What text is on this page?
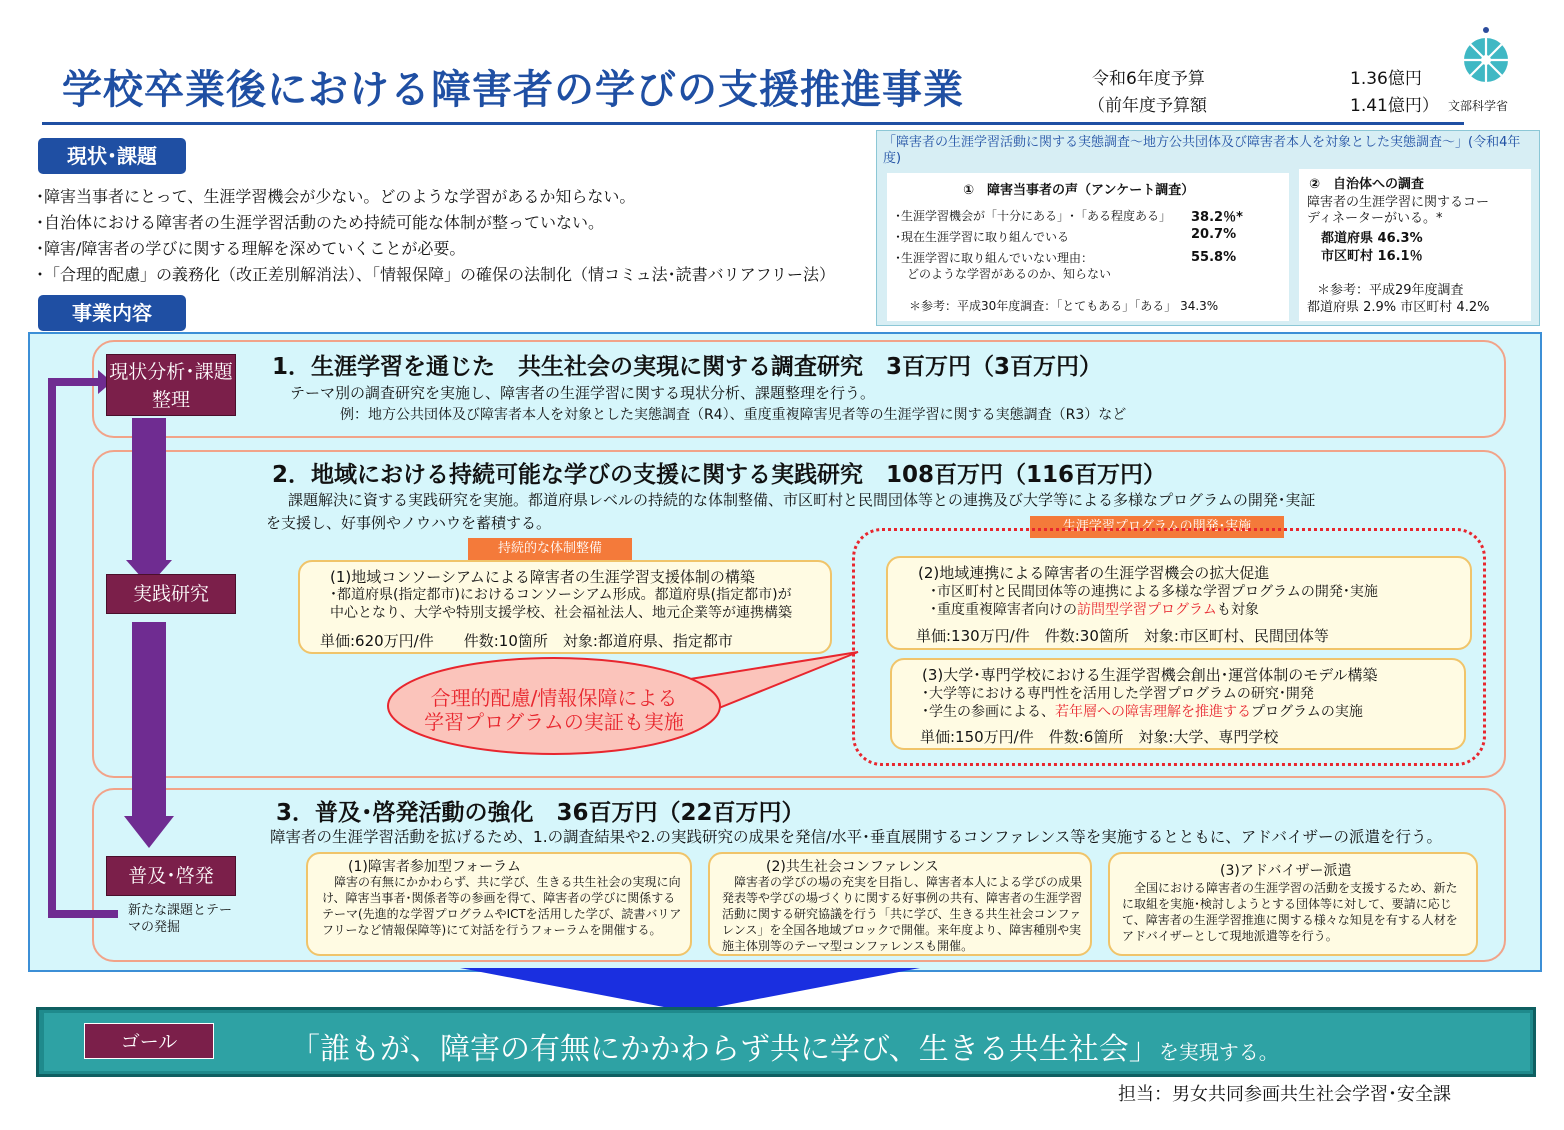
学校卒業後における障害者の学びの支援推進事業	令和6年度予算	1.36億円
（前年度予算額	1.41億円） 文部科学省
現状･課題
･障害当事者にとって、生涯学習機会が少ない。どのような学習があるか知らない。
･自治体における障害者の生涯学習活動のため持続可能な体制が整っていない。
･障害/障害者の学びに関する理解を深めていくことが必要。
･「合理的配慮」の義務化（改正差別解消法）、「情報保障」の確保の法制化（情コミュ法･読書バリアフリー法）
「障害者の生涯学習活動に関する実態調査～地方公共団体及び障害者本人を対象とした実態調査～」(令和4年度)
①　障害当事者の声（アンケート調査）
･生涯学習機会が「十分にある」･「ある程度ある」 38.2％*
･現在生涯学習に取り組んでいる	20.7%
･生涯学習に取り組んでいない理由：	55.8%
どのような学習があるのか、知らない
＊参考：平成30年度調査：「とてもある」「ある」 34.3%
②　自治体への調査
障害者の生涯学習に関するコー
ディネーターがいる。*
都道府県 46.3%
市区町村 16.1％
＊参考：平成29年度調査
都道府県 2.9% 市区町村 4.2%
事業内容
現状分析･課題整理
実践研究
普及･啓発
新たな課題とテーマの発掘
1．生涯学習を通じた　共生社会の実現に関する調査研究　3百万円（3百万円）
テーマ別の調査研究を実施し、障害者の生涯学習に関する現状分析、課題整理を行う。
例：地方公共団体及び障害者本人を対象とした実態調査（R4）、重度重複障害児者等の生涯学習に関する実態調査（R3）など
2．地域における持続可能な学びの支援に関する実践研究　108百万円（116百万円）
課題解決に資する実践研究を実施。都道府県レベルの持続的な体制整備、市区町村と民間団体等との連携及び大学等による多様なプログラムの開発･実証
を支援し、好事例やノウハウを蓄積する。
持続的な体制整備
生涯学習プログラムの開発･実施
(1)地域コンソーシアムによる障害者の生涯学習支援体制の構築
･都道府県(指定都市)におけるコンソーシアム形成。都道府県(指定都市)が
中心となり、大学や特別支援学校、社会福祉法人、地元企業等が連携構築
単価:620万円/件　　件数:10箇所　対象:都道府県、指定都市
(2)地域連携による障害者の生涯学習機会の拡大促進
･市区町村と民間団体等の連携による多様な学習プログラムの開発･実施
･重度重複障害者向けの訪問型学習プログラムも対象
単価:130万円/件　件数:30箇所　対象:市区町村、民間団体等
(3)大学･専門学校における生涯学習機会創出･運営体制のモデル構築
･大学等における専門性を活用した学習プログラムの研究･開発
･学生の参画による、若年層への障害理解を推進するプログラムの実施
単価:150万円/件　件数:6箇所　対象:大学、専門学校
合理的配慮/情報保障による
学習プログラムの実証も実施
3．普及･啓発活動の強化　36百万円（22百万円）
障害者の生涯学習活動を拡げるため、1.の調査結果や2.の実践研究の成果を発信/水平･垂直展開するコンファレンス等を実施するとともに、アドバイザーの派遣を行う。
(1)障害者参加型フォーラム
障害の有無にかかわらず、共に学び、生きる共生社会の実現に向け、障害当事者･関係者等の参画を得て、障害者の学びに関係するテーマ(先進的な学習プログラムやICTを活用した学び、読書バリアフリーなど情報保障等)にて対話を行うフォーラムを開催する。
(2)共生社会コンファレンス
障害者の学びの場の充実を目指し、障害者本人による学びの成果発表等や学びの場づくりに関する好事例の共有、障害者の生涯学習活動に関する研究協議を行う「共に学び、生きる共生社会コンファレンス」を全国各地域ブロックで開催。来年度より、障害種別や実施主体別等のテーマ型コンファレンスも開催。
(3)アドバイザー派遣
全国における障害者の生涯学習の活動を支援するため、新たに取組を実施･検討しようとする団体等に対して、要請に応じて、障害者の生涯学習推進に関する様々な知見を有する人材をアドバイザーとして現地派遣等を行う。
ゴール	「誰もが、障害の有無にかかわらず共に学び、生きる共生社会」を実現する。
担当：男女共同参画共生社会学習･安全課
